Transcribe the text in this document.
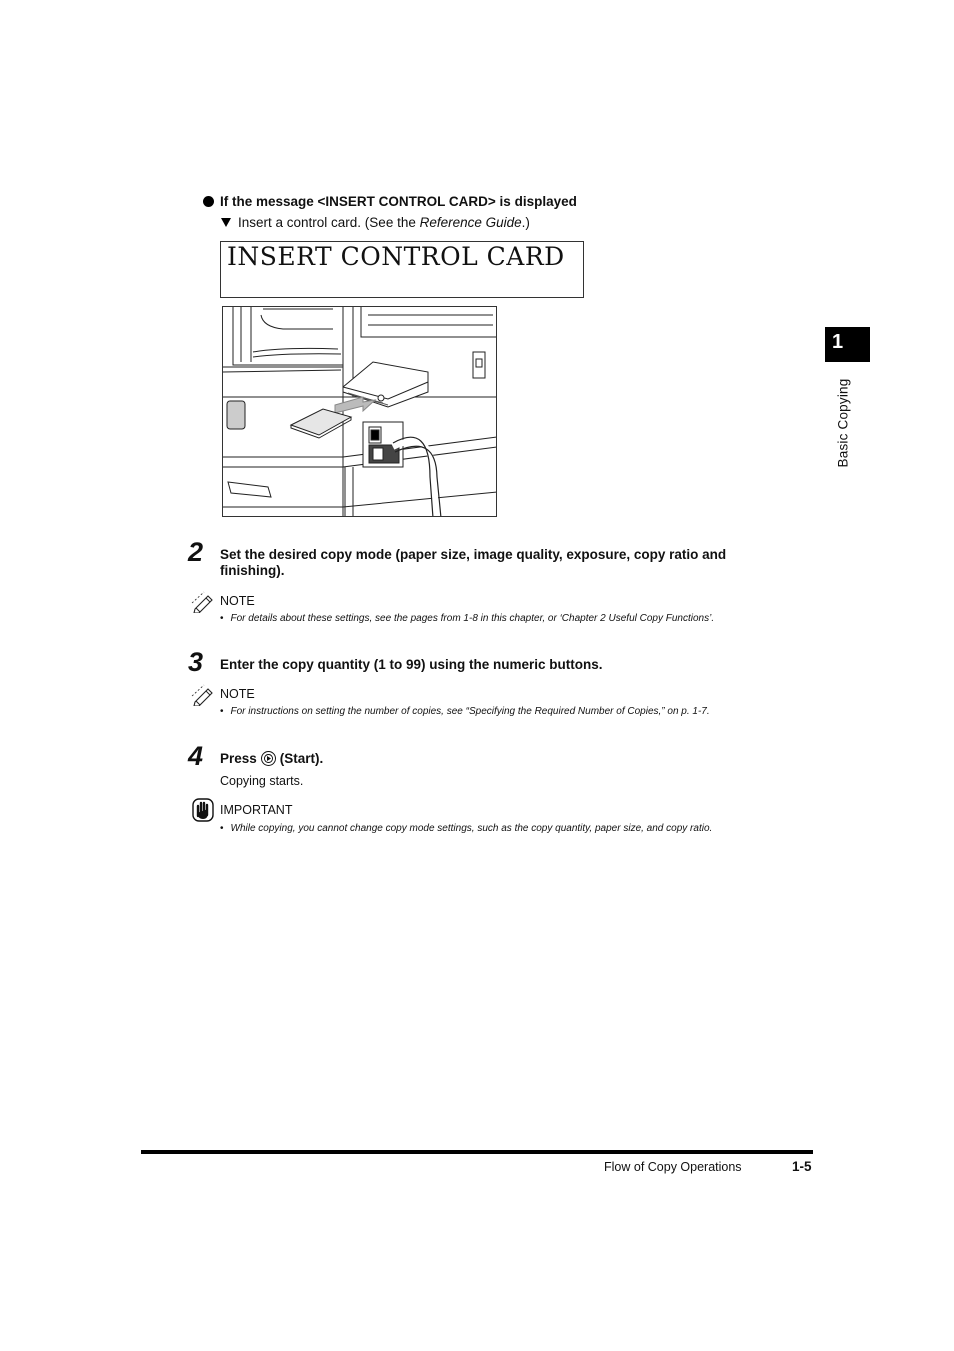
1
Basic Copying
If the message <INSERT CONTROL CARD> is displayed
Insert a control card. (See the Reference Guide.)
INSERT CONTROL CARD
2 Set the desired copy mode (paper size, image quality, exposure, copy ratio and finishing).
NOTE
• For details about these settings, see the pages from 1-8 in this chapter, or ‘Chapter 2 Useful Copy Functions’.
3 Enter the copy quantity (1 to 99) using the numeric buttons.
NOTE
• For instructions on setting the number of copies, see “Specifying the Required Number of Copies,” on p. 1-7.
4 Press (Start).
Copying starts.
IMPORTANT
• While copying, you cannot change copy mode settings, such as the copy quantity, paper size, and copy ratio.
Flow of Copy Operations	1-5
